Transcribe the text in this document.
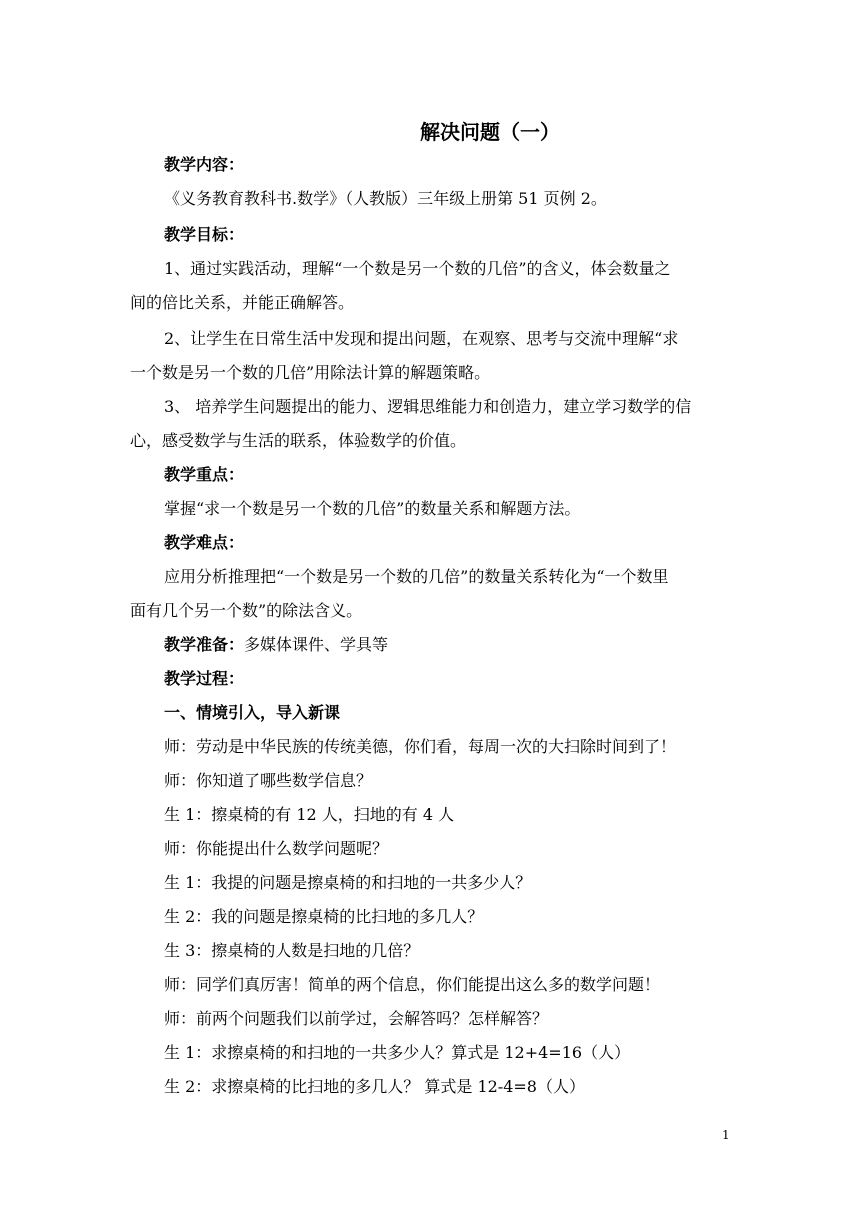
解决问题（一）
教学内容：
《义务教育教科书.数学》（人教版）三年级上册第 51 页例 2。
教学目标：
1、通过实践活动，理解“一个数是另一个数的几倍”的含义，体会数量之
间的倍比关系，并能正确解答。
2、让学生在日常生活中发现和提出问题，在观察、思考与交流中理解“求
一个数是另一个数的几倍”用除法计算的解题策略。
3、 培养学生问题提出的能力、逻辑思维能力和创造力，建立学习数学的信
心，感受数学与生活的联系，体验数学的价值。
教学重点：
掌握“求一个数是另一个数的几倍”的数量关系和解题方法。
教学难点：
应用分析推理把“一个数是另一个数的几倍”的数量关系转化为“一个数里
面有几个另一个数”的除法含义。
教学准备：多媒体课件、学具等
教学过程：
一、情境引入，导入新课
师：劳动是中华民族的传统美德，你们看，每周一次的大扫除时间到了！
师：你知道了哪些数学信息？
生 1：擦桌椅的有 12 人，扫地的有 4 人
师：你能提出什么数学问题呢？
生 1：我提的问题是擦桌椅的和扫地的一共多少人？
生 2：我的问题是擦桌椅的比扫地的多几人？
生 3：擦桌椅的人数是扫地的几倍？
师：同学们真厉害！简单的两个信息，你们能提出这么多的数学问题！
师：前两个问题我们以前学过，会解答吗？怎样解答？
生 1：求擦桌椅的和扫地的一共多少人？算式是 12+4=16（人）
生 2：求擦桌椅的比扫地的多几人？ 算式是 12-4=8（人）
1
